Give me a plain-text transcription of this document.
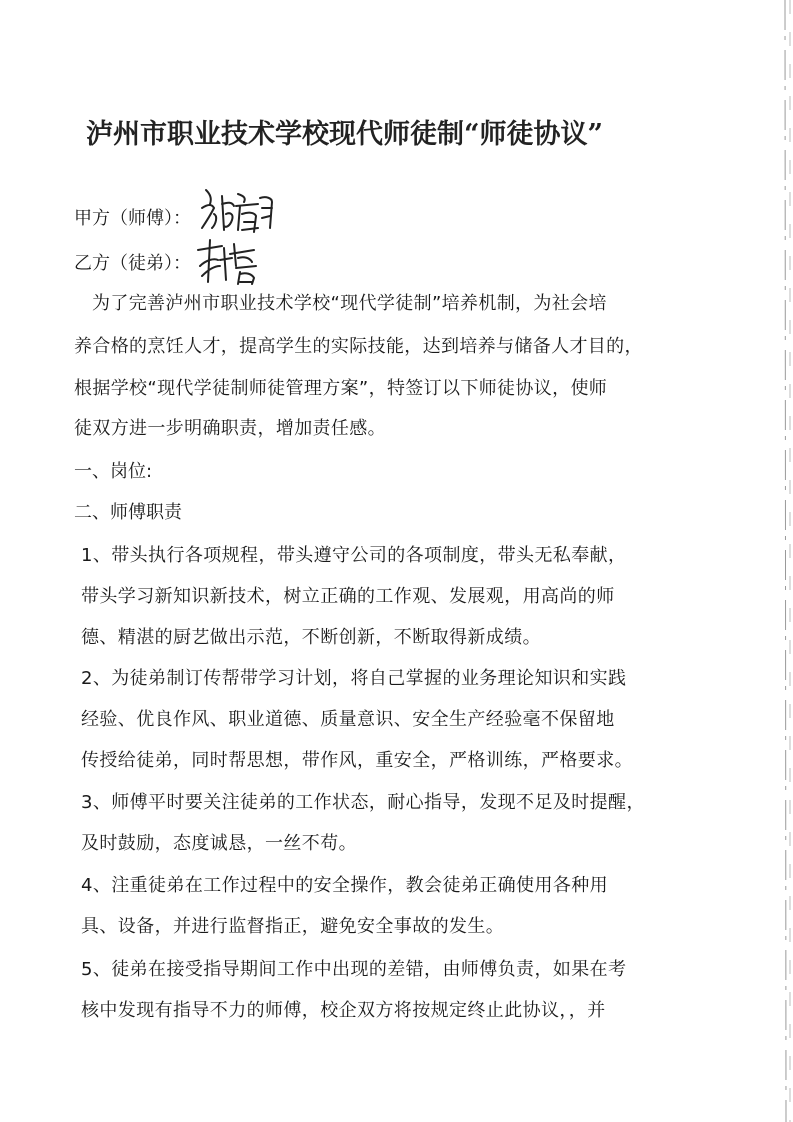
泸州市职业技术学校现代师徒制“师徒协议”
甲方（师傅）：
乙方（徒弟）：
为了完善泸州市职业技术学校“现代学徒制”培养机制，为社会培
养合格的烹饪人才，提高学生的实际技能，达到培养与储备人才目的，
根据学校“现代学徒制师徒管理方案”，特签订以下师徒协议，使师
徒双方进一步明确职责，增加责任感。
一、岗位:
二、师傅职责
1、带头执行各项规程，带头遵守公司的各项制度，带头无私奉献，
带头学习新知识新技术，树立正确的工作观、发展观，用高尚的师
德、精湛的厨艺做出示范，不断创新，不断取得新成绩。
2、为徒弟制订传帮带学习计划，将自己掌握的业务理论知识和实践
经验、优良作风、职业道德、质量意识、安全生产经验毫不保留地
传授给徒弟，同时帮思想，带作风，重安全，严格训练，严格要求。
3、师傅平时要关注徒弟的工作状态，耐心指导，发现不足及时提醒，
及时鼓励，态度诚恳，一丝不苟。
4、注重徒弟在工作过程中的安全操作，教会徒弟正确使用各种用
具、设备，并进行监督指正，避免安全事故的发生。
5、徒弟在接受指导期间工作中出现的差错，由师傅负责，如果在考
核中发现有指导不力的师傅，校企双方将按规定终止此协议，，并
